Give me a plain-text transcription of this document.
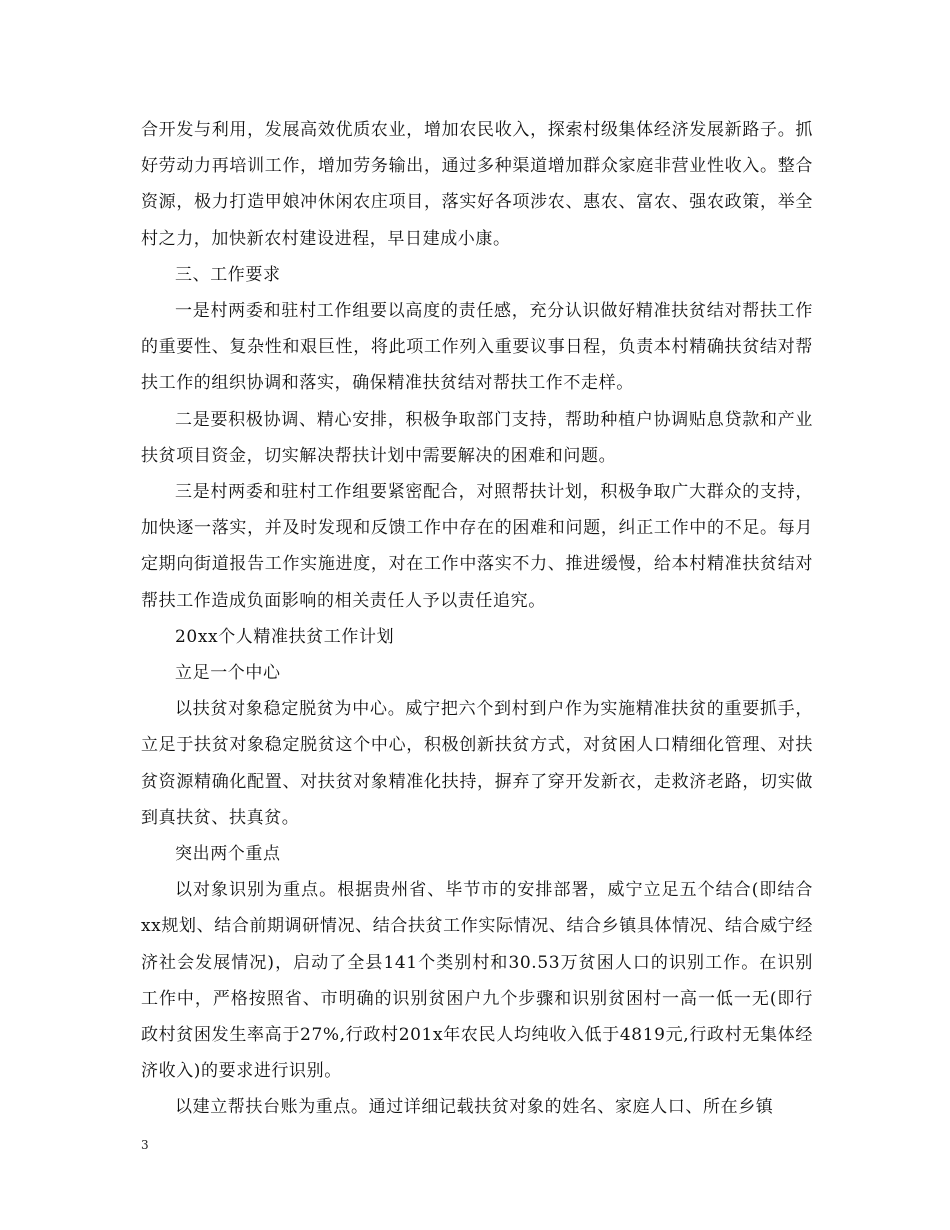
合开发与利用，发展高效优质农业，增加农民收入，探索村级集体经济发展新路子。抓好劳动力再培训工作，增加劳务输出，通过多种渠道增加群众家庭非营业性收入。整合资源，极力打造甲娘冲休闲农庄项目，落实好各项涉农、惠农、富农、强农政策，举全村之力，加快新农村建设进程，早日建成小康。

三、工作要求

一是村两委和驻村工作组要以高度的责任感，充分认识做好精准扶贫结对帮扶工作的重要性、复杂性和艰巨性，将此项工作列入重要议事日程，负责本村精确扶贫结对帮扶工作的组织协调和落实，确保精准扶贫结对帮扶工作不走样。

二是要积极协调、精心安排，积极争取部门支持，帮助种植户协调贴息贷款和产业扶贫项目资金，切实解决帮扶计划中需要解决的困难和问题。

三是村两委和驻村工作组要紧密配合，对照帮扶计划，积极争取广大群众的支持，加快逐一落实，并及时发现和反馈工作中存在的困难和问题，纠正工作中的不足。每月定期向街道报告工作实施进度，对在工作中落实不力、推进缓慢，给本村精准扶贫结对帮扶工作造成负面影响的相关责任人予以责任追究。

20xx个人精准扶贫工作计划

立足一个中心

以扶贫对象稳定脱贫为中心。威宁把六个到村到户作为实施精准扶贫的重要抓手，立足于扶贫对象稳定脱贫这个中心，积极创新扶贫方式，对贫困人口精细化管理、对扶贫资源精确化配置、对扶贫对象精准化扶持，摒弃了穿开发新衣，走救济老路，切实做到真扶贫、扶真贫。

突出两个重点

以对象识别为重点。根据贵州省、毕节市的安排部署，威宁立足五个结合(即结合xx规划、结合前期调研情况、结合扶贫工作实际情况、结合乡镇具体情况、结合威宁经济社会发展情况)，启动了全县141个类别村和30.53万贫困人口的识别工作。在识别工作中，严格按照省、市明确的识别贫困户九个步骤和识别贫困村一高一低一无(即行政村贫困发生率高于27%,行政村201x年农民人均纯收入低于4819元,行政村无集体经济收入)的要求进行识别。

以建立帮扶台账为重点。通过详细记载扶贫对象的姓名、家庭人口、所在乡镇

3
